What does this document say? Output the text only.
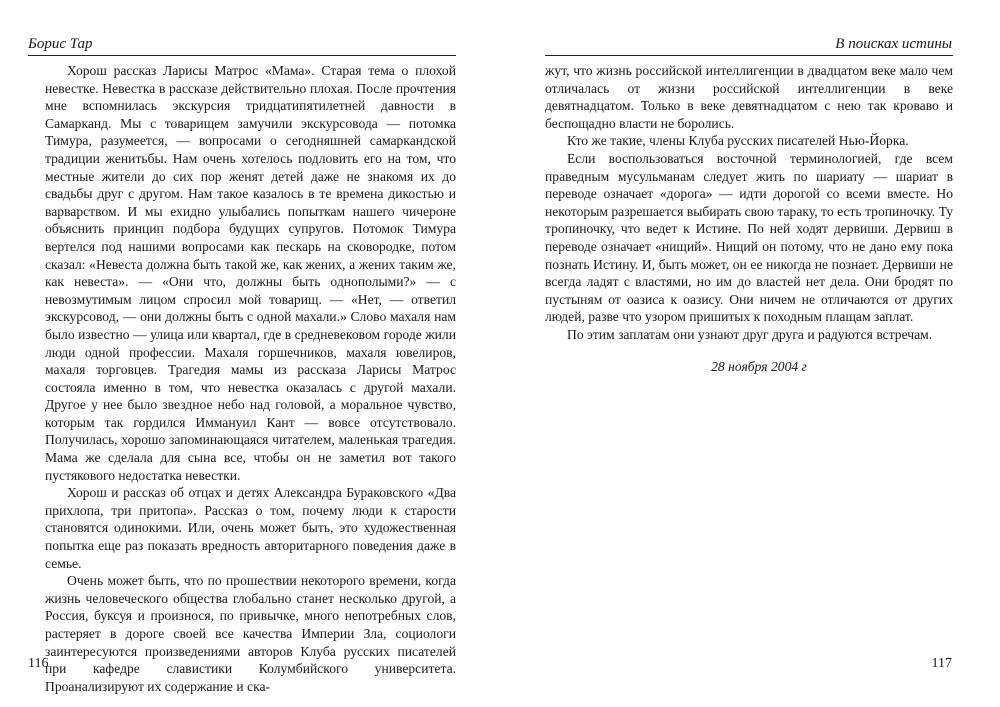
Борис Тар

Хорош рассказ Ларисы Матрос «Мама». Старая тема о плохой невестке. Невестка в рассказе действительно плохая. После прочтения мне вспомнилась экскурсия тридцатипятилетней давности в Самарканд. Мы с товарищем замучили экскурсовода — потомка Тимура, разумеется, — вопросами о сегодняшней самаркандской традиции женитьбы. Нам очень хотелось подловить его на том, что местные жители до сих пор женят детей даже не знакомя их до свадьбы друг с другом. Нам такое казалось в те времена дикостью и варварством. И мы ехидно улыбались попыткам нашего чичероне объяснить принцип подбора будущих супругов. Потомок Тимура вертелся под нашими вопросами как пескарь на сковородке, потом сказал: «Невеста должна быть такой же, как жених, а жених таким же, как невеста». — «Они что, должны быть однополыми?» — с невозмутимым лицом спросил мой товарищ. — «Нет, — ответил экскурсовод, — они должны быть с одной махали.» Слово махаля нам было известно — улица или квартал, где в средневековом городе жили люди одной профессии. Махаля горшечников, махаля ювелиров, махаля торговцев. Трагедия мамы из рассказа Ларисы Матрос состояла именно в том, что невестка оказалась с другой махали. Другое у нее было звездное небо над головой, а моральное чувство, которым так гордился Иммануил Кант — вовсе отсутствовало. Получилась, хорошо запоминающаяся читателем, маленькая трагедия. Мама же сделала для сына все, чтобы он не заметил вот такого пустякового недостатка невестки.

Хорош и рассказ об отцах и детях Александра Бураковского «Два прихлопа, три притопа». Рассказ о том, почему люди к старости становятся одинокими. Или, очень может быть, это художественная попытка еще раз показать вредность авторитарного поведения даже в семье.

Очень может быть, что по прошествии некоторого времени, когда жизнь человеческого общества глобально станет несколько другой, а Россия, буксуя и произнося, по привычке, много непотребных слов, растеряет в дороге своей все качества Империи Зла, социологи заинтересуются произведениями авторов Клуба русских писателей при кафедре славистики Колумбийского университета. Проанализируют их содержание и ска-

116
В поисках истины

жут, что жизнь российской интеллигенции в двадцатом веке мало чем отличалась от жизни российской интеллигенции в веке девятнадцатом. Только в веке девятнадцатом с нею так кроваво и беспощадно власти не боролись.

Кто же такие, члены Клуба русских писателей Нью-Йорка.

Если воспользоваться восточной терминологией, где всем праведным мусульманам следует жить по шариату — шариат в переводе означает «дорога» — идти дорогой со всеми вместе. Но некоторым разрешается выбирать свою тараку, то есть тропиночку. Ту тропиночку, что ведет к Истине. По ней ходят дервиши. Дервиш в переводе означает «нищий». Нищий он потому, что не дано ему пока познать Истину. И, быть может, он ее никогда не познает. Дервиши не всегда ладят с властями, но им до властей нет дела. Они бродят по пустыням от оазиса к оазису. Они ничем не отличаются от других людей, разве что узором пришитых к походным плащам заплат.

По этим заплатам они узнают друг друга и радуются встречам.

28 ноября 2004 г
117
